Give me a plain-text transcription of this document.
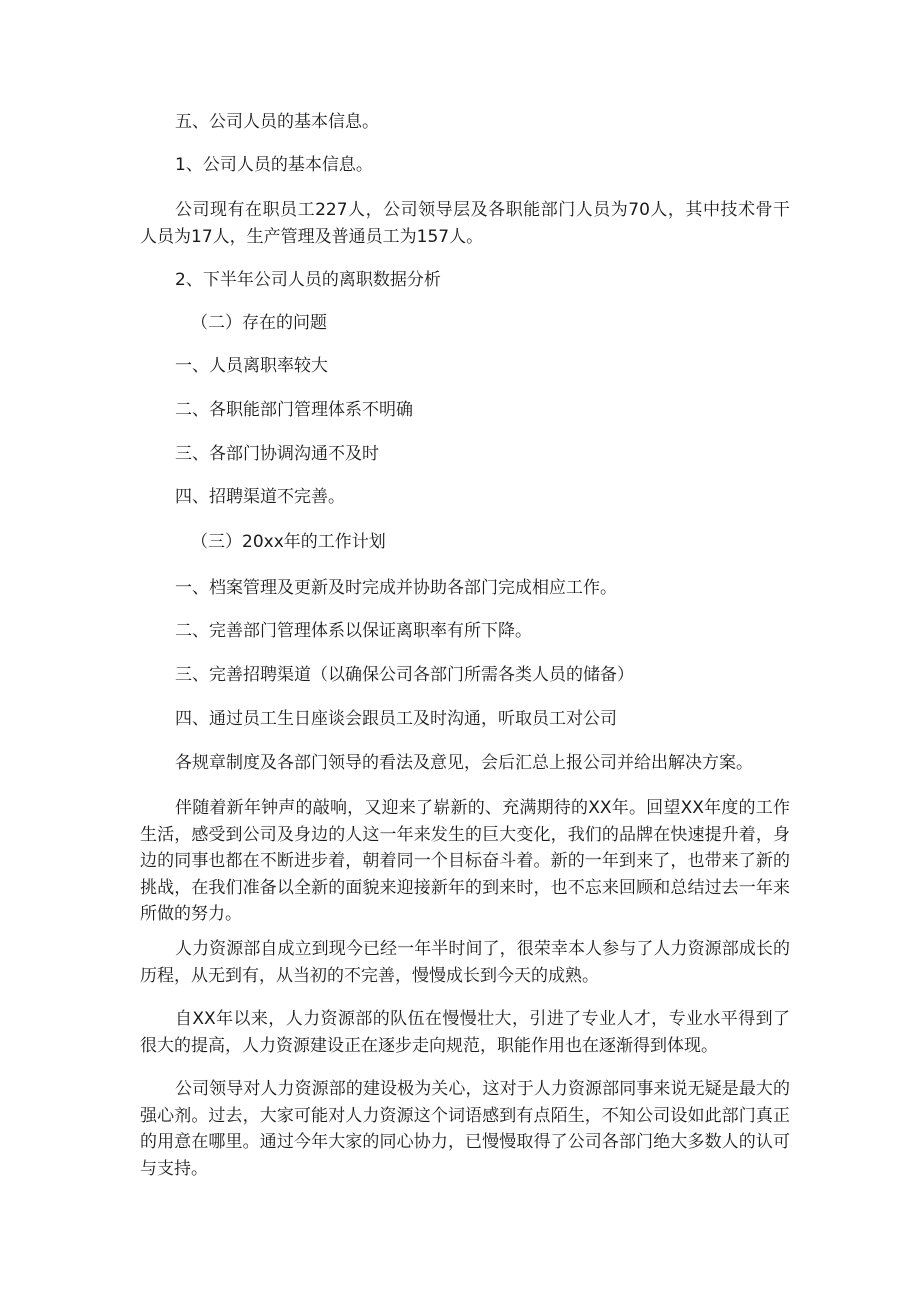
五、公司人员的基本信息。

1、公司人员的基本信息。

公司现有在职员工227人，公司领导层及各职能部门人员为70人，其中技术骨干人员为17人，生产管理及普通员工为157人。

2、下半年公司人员的离职数据分析

（二）存在的问题

一、人员离职率较大

二、各职能部门管理体系不明确

三、各部门协调沟通不及时

四、招聘渠道不完善。

（三）20xx年的工作计划

一、档案管理及更新及时完成并协助各部门完成相应工作。

二、完善部门管理体系以保证离职率有所下降。

三、完善招聘渠道（以确保公司各部门所需各类人员的储备）

四、通过员工生日座谈会跟员工及时沟通，听取员工对公司

各规章制度及各部门领导的看法及意见，会后汇总上报公司并给出解决方案。

伴随着新年钟声的敲响，又迎来了崭新的、充满期待的XX年。回望XX年度的工作生活，感受到公司及身边的人这一年来发生的巨大变化，我们的品牌在快速提升着，身边的同事也都在不断进步着，朝着同一个目标奋斗着。新的一年到来了，也带来了新的挑战，在我们准备以全新的面貌来迎接新年的到来时，也不忘来回顾和总结过去一年来所做的努力。

人力资源部自成立到现今已经一年半时间了，很荣幸本人参与了人力资源部成长的历程，从无到有，从当初的不完善，慢慢成长到今天的成熟。

自XX年以来，人力资源部的队伍在慢慢壮大，引进了专业人才，专业水平得到了很大的提高，人力资源建设正在逐步走向规范，职能作用也在逐渐得到体现。

公司领导对人力资源部的建设极为关心，这对于人力资源部同事来说无疑是最大的强心剂。过去，大家可能对人力资源这个词语感到有点陌生，不知公司设如此部门真正的用意在哪里。通过今年大家的同心协力，已慢慢取得了公司各部门绝大多数人的认可与支持。
